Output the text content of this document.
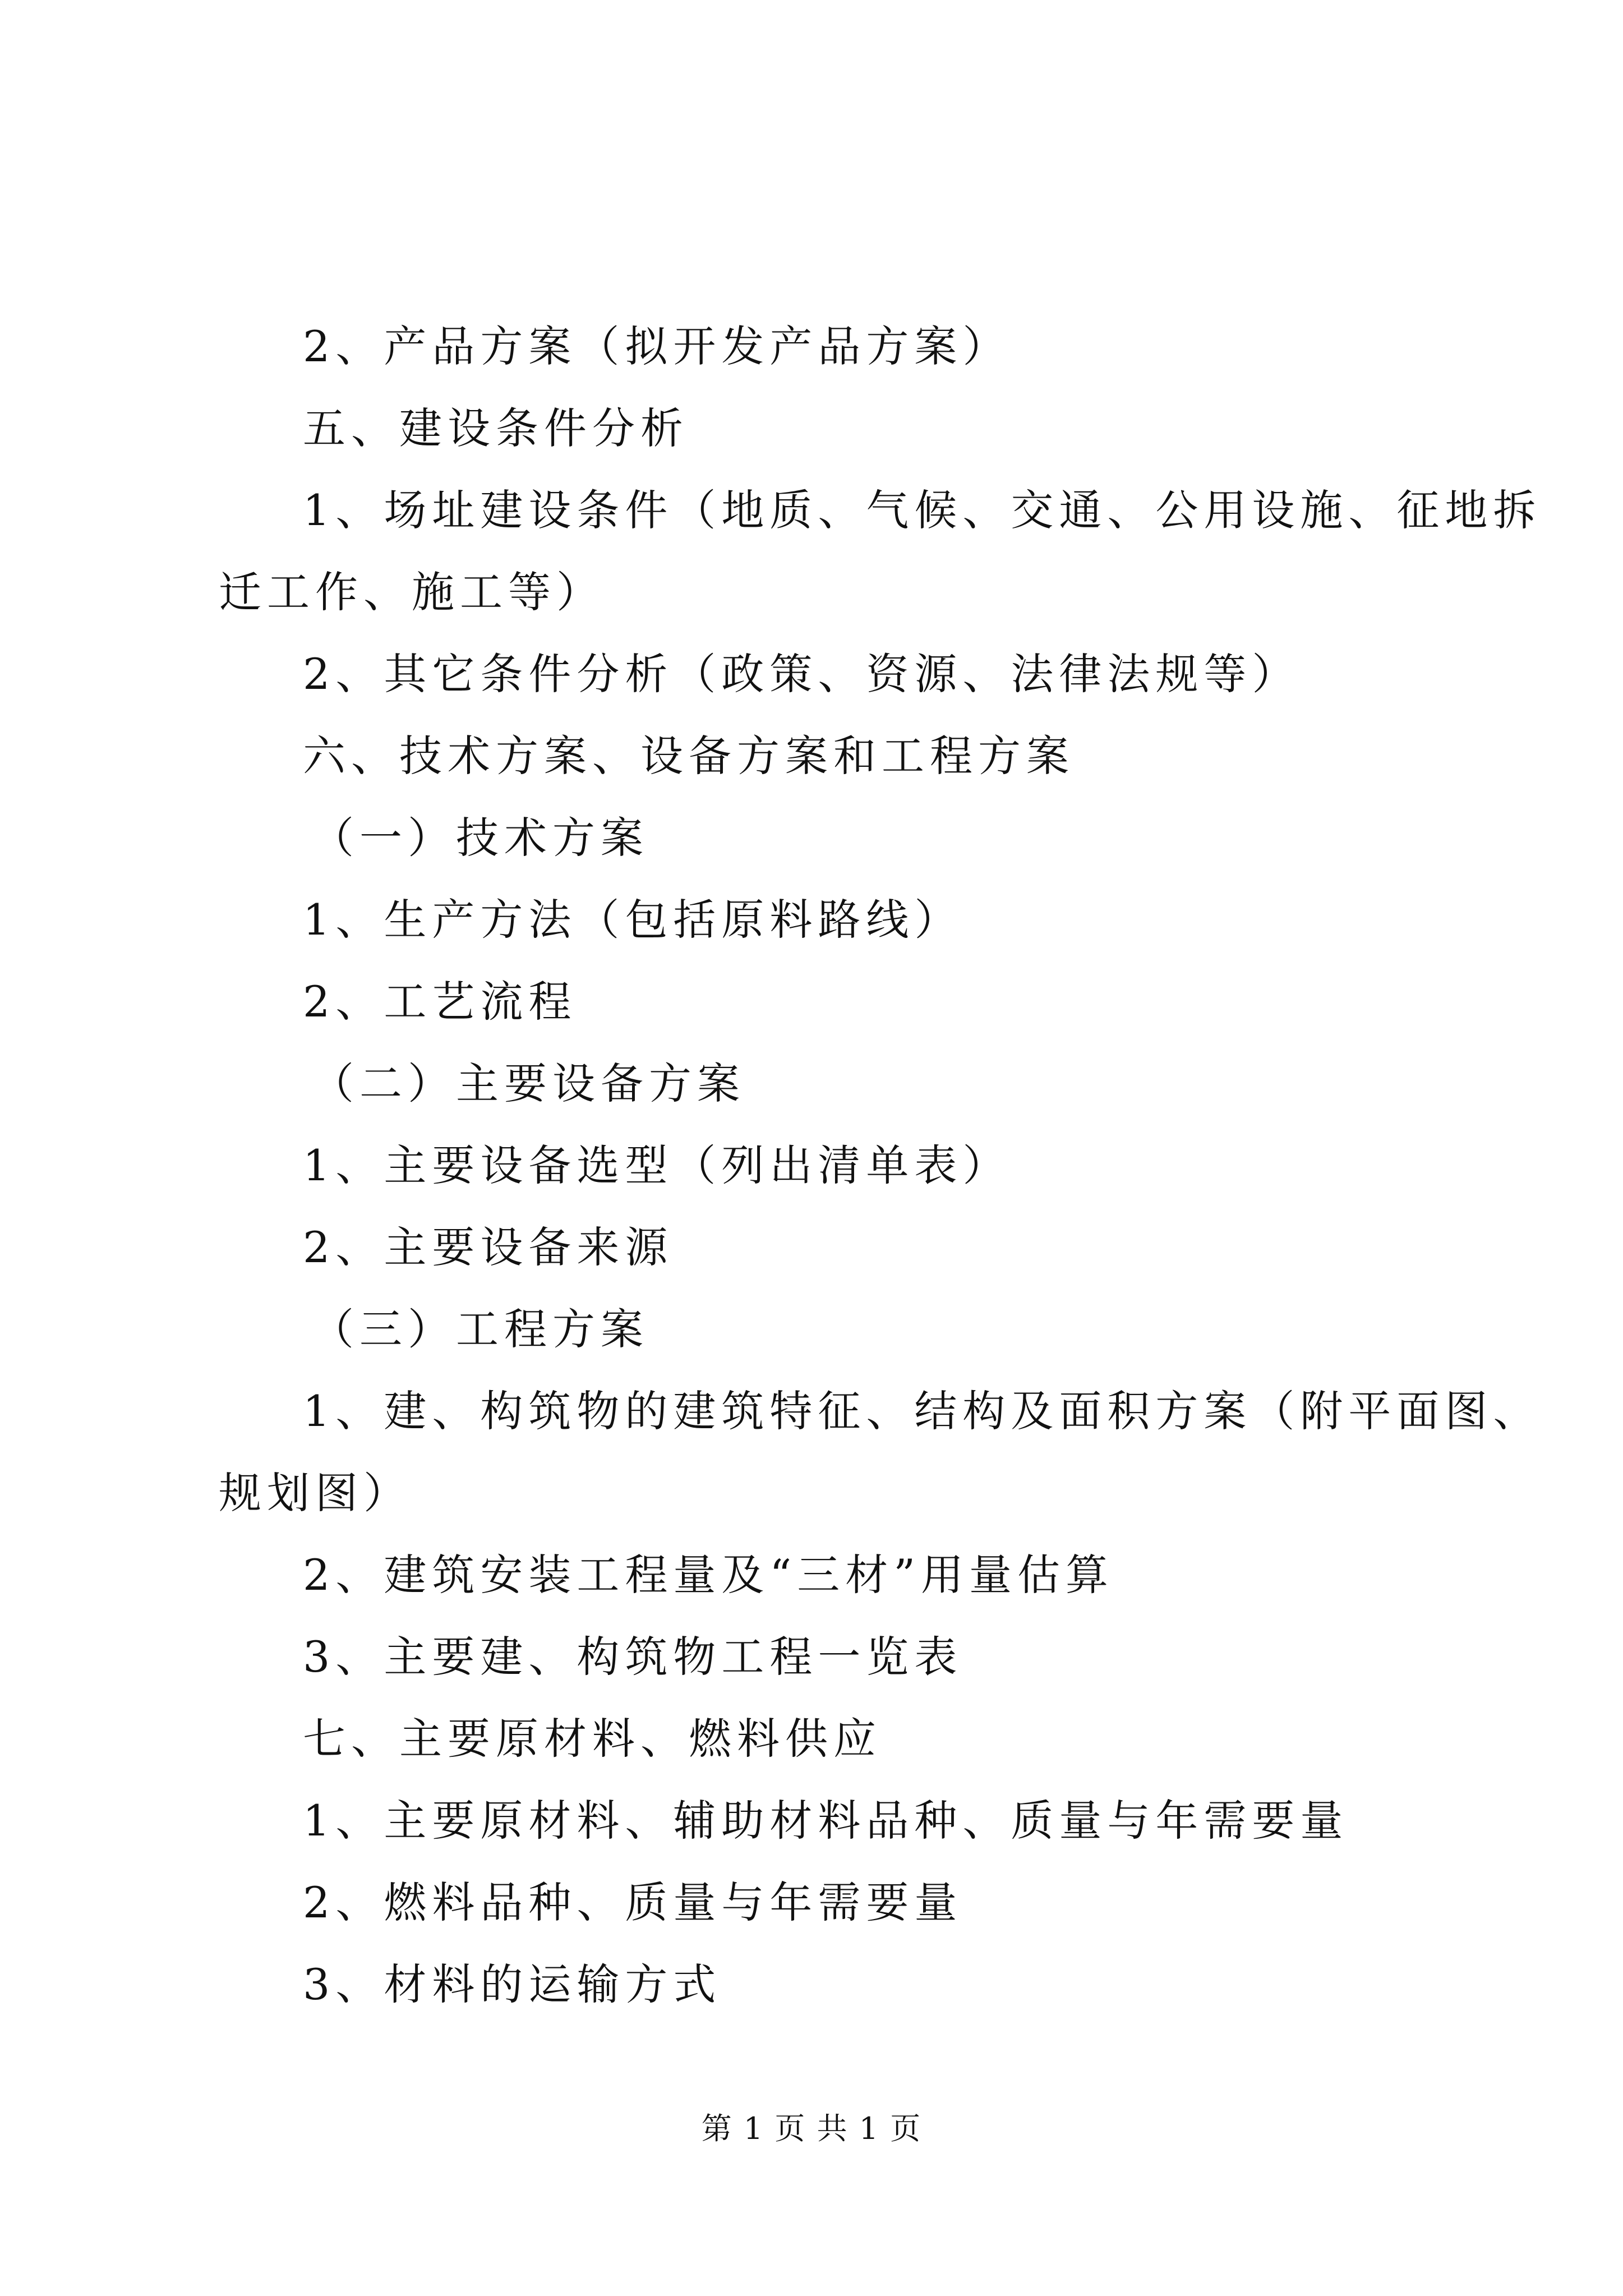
2、产品方案（拟开发产品方案）
五、建设条件分析
1、场址建设条件（地质、气候、交通、公用设施、征地拆
迁工作、施工等）
2、其它条件分析（政策、资源、法律法规等）
六、技术方案、设备方案和工程方案
（一）技术方案
1、生产方法（包括原料路线）
2、工艺流程
（二）主要设备方案
1、主要设备选型（列出清单表）
2、主要设备来源
（三）工程方案
1、建、构筑物的建筑特征、结构及面积方案（附平面图、
规划图）
2、建筑安装工程量及“三材”用量估算
3、主要建、构筑物工程一览表
七、主要原材料、燃料供应
1、主要原材料、辅助材料品种、质量与年需要量
2、燃料品种、质量与年需要量
3、材料的运输方式
第 1 页 共 1 页
